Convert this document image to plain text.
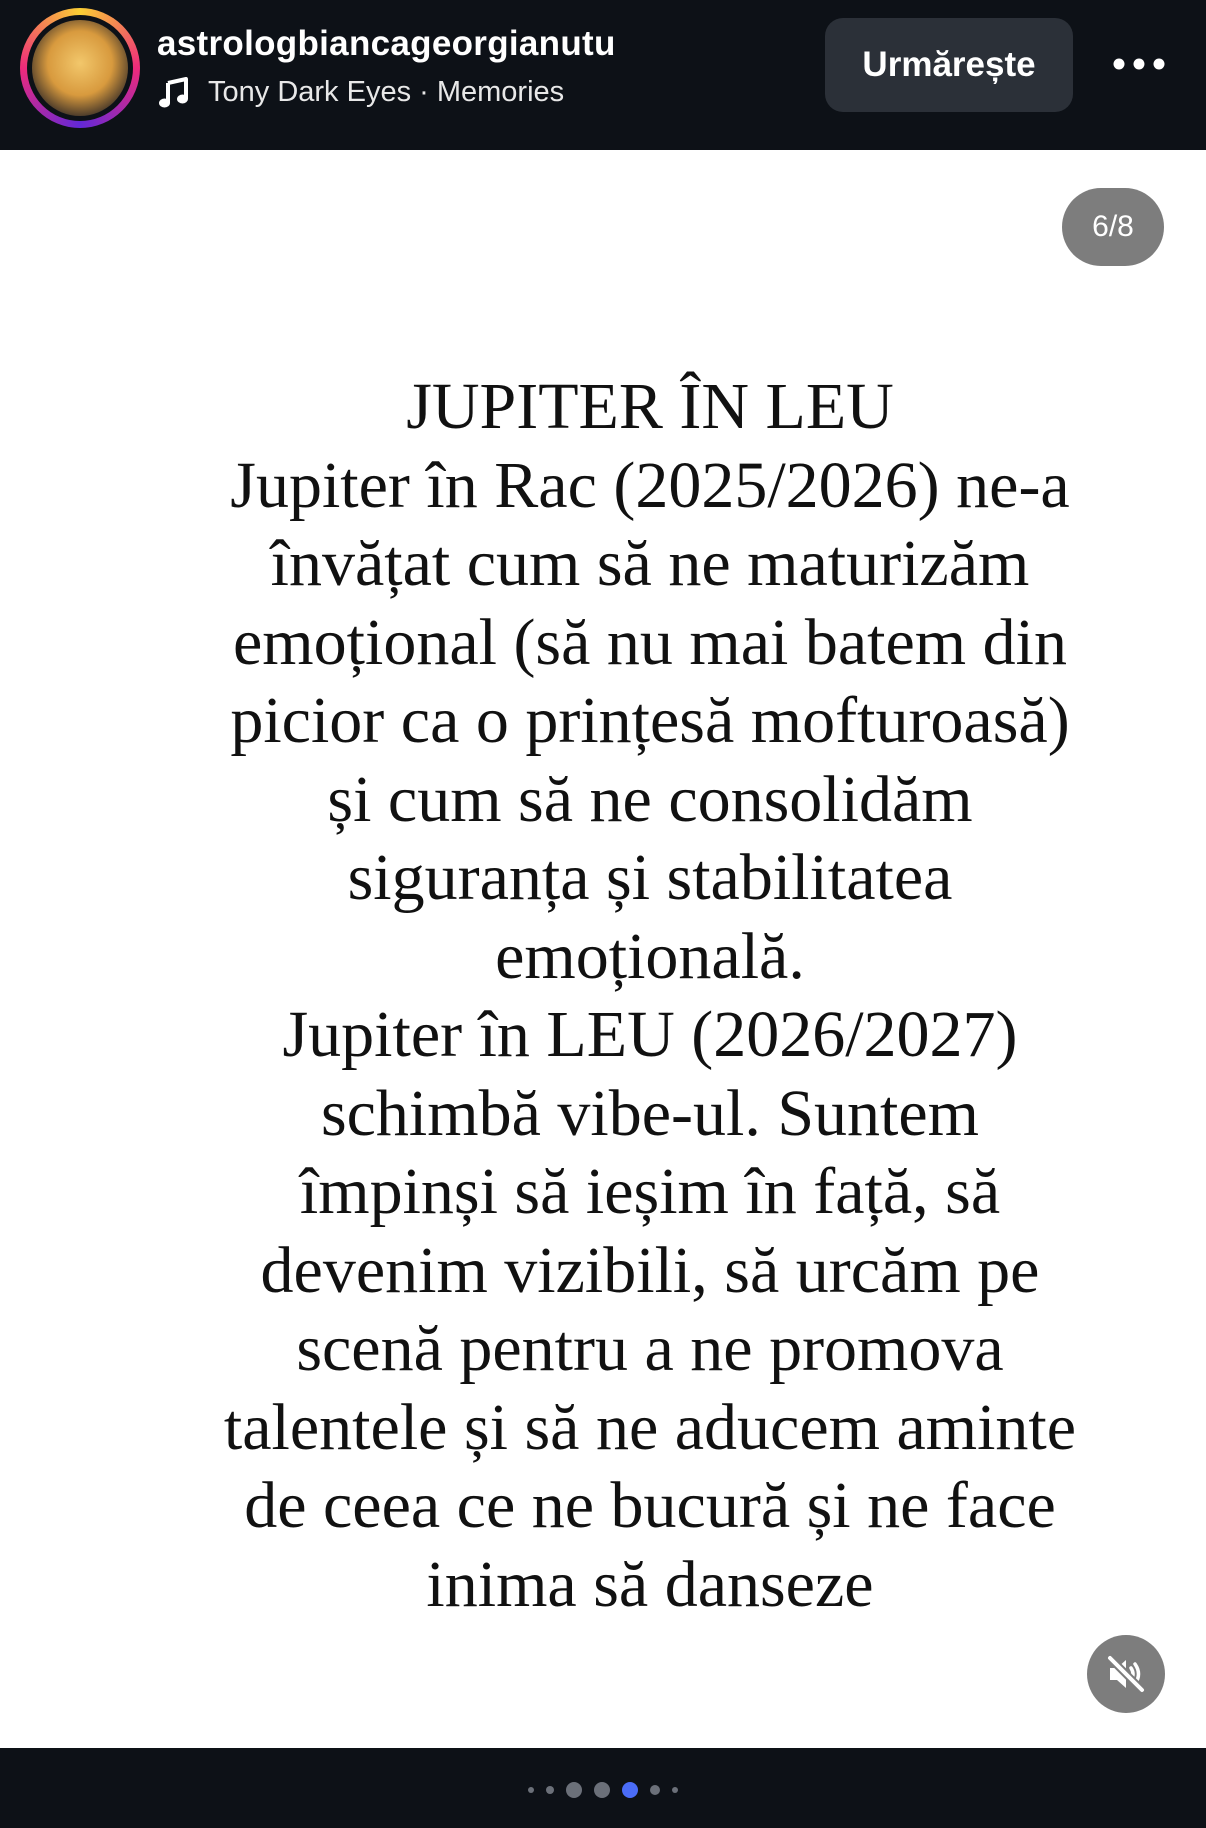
astrologbiancageorgianutu
Tony Dark Eyes · Memories
Urmărește
6/8
JUPITER ÎN LEU
Jupiter în Rac (2025/2026) ne-a
învățat cum să ne maturizăm
emoțional (să nu mai batem din
picior ca o prințesă mofturoasă)
și cum să ne consolidăm
siguranța și stabilitatea
emoțională.
Jupiter în LEU (2026/2027)
schimbă vibe-ul. Suntem
împinși să ieșim în față, să
devenim vizibili, să urcăm pe
scenă pentru a ne promova
talentele și să ne aducem aminte
de ceea ce ne bucură și ne face
inima să danseze
